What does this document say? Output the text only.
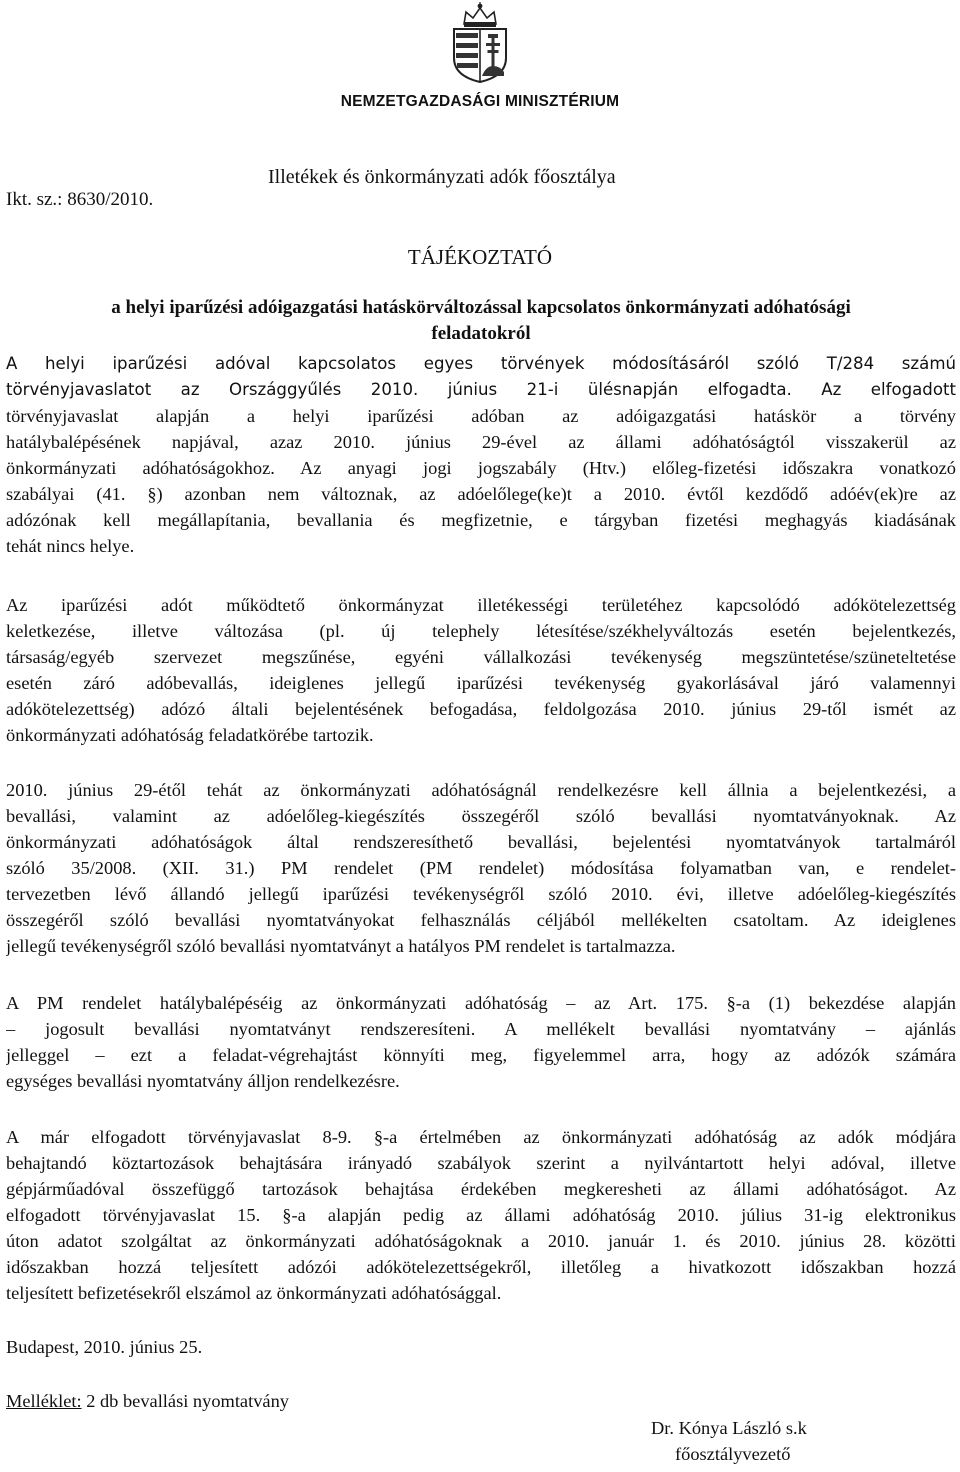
NEMZETGAZDASÁGI MINISZTÉRIUM
Illetékek és önkormányzati adók főosztálya
Ikt. sz.: 8630/2010.
TÁJÉKOZTATÓ
a helyi iparűzési adóigazgatási hatáskörváltozással kapcsolatos önkormányzati adóhatósági
feladatokról
A helyi iparűzési adóval kapcsolatos egyes törvények módosításáról szóló T/284 számú
törvényjavaslatot az Országgyűlés 2010. június 21-i ülésnapján elfogadta. Az elfogadott
törvényjavaslat alapján a helyi iparűzési adóban az adóigazgatási hatáskör a törvény
hatálybalépésének napjával, azaz 2010. június 29-ével az állami adóhatóságtól visszakerül az
önkormányzati adóhatóságokhoz. Az anyagi jogi jogszabály (Htv.) előleg-fizetési időszakra vonatkozó
szabályai (41. §) azonban nem változnak, az adóelőlege(ke)t a 2010. évtől kezdődő adóév(ek)re az
adózónak kell megállapítania, bevallania és megfizetnie, e tárgyban fizetési meghagyás kiadásának
tehát nincs helye.
Az iparűzési adót működtető önkormányzat illetékességi területéhez kapcsolódó adókötelezettség
keletkezése, illetve változása (pl. új telephely létesítése/székhelyváltozás esetén bejelentkezés,
társaság/egyéb szervezet megszűnése, egyéni vállalkozási tevékenység megszüntetése/szüneteltetése
esetén záró adóbevallás, ideiglenes jellegű iparűzési tevékenység gyakorlásával járó valamennyi
adókötelezettség) adózó általi bejelentésének befogadása, feldolgozása 2010. június 29-től ismét az
önkormányzati adóhatóság feladatkörébe tartozik.
2010. június 29-étől tehát az önkormányzati adóhatóságnál rendelkezésre kell állnia a bejelentkezési, a
bevallási, valamint az adóelőleg-kiegészítés összegéről szóló bevallási nyomtatványoknak. Az
önkormányzati adóhatóságok által rendszeresíthető bevallási, bejelentési nyomtatványok tartalmáról
szóló 35/2008. (XII. 31.) PM rendelet (PM rendelet) módosítása folyamatban van, e rendelet-
tervezetben lévő állandó jellegű iparűzési tevékenységről szóló 2010. évi, illetve adóelőleg-kiegészítés
összegéről szóló bevallási nyomtatványokat felhasználás céljából mellékelten csatoltam. Az ideiglenes
jellegű tevékenységről szóló bevallási nyomtatványt a hatályos PM rendelet is tartalmazza.
A PM rendelet hatálybalépéséig az önkormányzati adóhatóság – az Art. 175. §-a (1) bekezdése alapján
– jogosult bevallási nyomtatványt rendszeresíteni. A mellékelt bevallási nyomtatvány – ajánlás
jelleggel – ezt a feladat-végrehajtást könnyíti meg, figyelemmel arra, hogy az adózók számára
egységes bevallási nyomtatvány álljon rendelkezésre.
A már elfogadott törvényjavaslat 8-9. §-a értelmében az önkormányzati adóhatóság az adók módjára
behajtandó köztartozások behajtására irányadó szabályok szerint a nyilvántartott helyi adóval, illetve
gépjárműadóval összefüggő tartozások behajtása érdekében megkeresheti az állami adóhatóságot. Az
elfogadott törvényjavaslat 15. §-a alapján pedig az állami adóhatóság 2010. július 31-ig elektronikus
úton adatot szolgáltat az önkormányzati adóhatóságoknak a 2010. január 1. és 2010. június 28. közötti
időszakban hozzá teljesített adózói adókötelezettségekről, illetőleg a hivatkozott időszakban hozzá
teljesített befizetésekről elszámol az önkormányzati adóhatósággal.
Budapest, 2010. június 25.
Melléklet: 2 db bevallási nyomtatvány
Dr. Kónya László s.k
főosztályvezető
